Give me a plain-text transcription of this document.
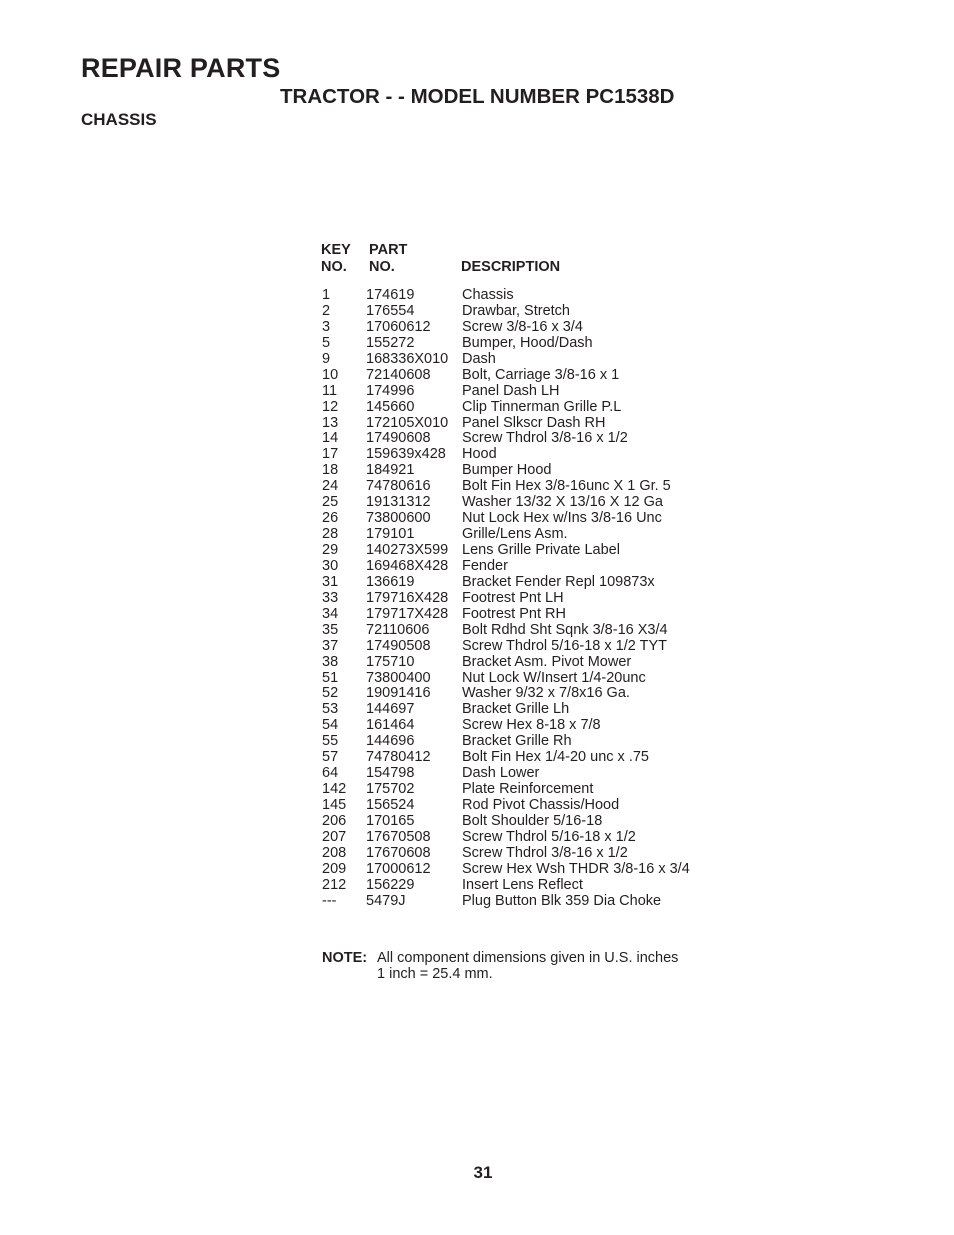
REPAIR PARTS
TRACTOR - - MODEL NUMBER PC1538D
CHASSIS
KEY
NO.
PART
NO.	DESCRIPTION
1 174619	Chassis
2 176554	Drawbar, Stretch
3 17060612 Screw 3/8-16 x 3/4
5 155272	Bumper, Hood/Dash
9 168336X010 Dash
10 72140608 Bolt, Carriage 3/8-16 x 1
11 174996	Panel Dash LH
12 145660	Clip Tinnerman Grille P.L
13 172105X010 Panel Slkscr Dash RH
14 17490608 Screw Thdrol 3/8-16 x 1/2
17 159639x428 Hood
18 184921	Bumper Hood
24 74780616 Bolt Fin Hex 3/8-16unc X 1 Gr. 5
25 19131312 Washer 13/32 X 13/16 X 12 Ga
26 73800600 Nut Lock Hex w/Ins 3/8-16 Unc
28 179101	Grille/Lens Asm.
29 140273X599 Lens Grille Private Label
30 169468X428 Fender
31 136619	Bracket Fender Repl 109873x
33 179716X428 Footrest Pnt LH
34 179717X428 Footrest Pnt RH
35 72110606 Bolt Rdhd Sht Sqnk 3/8-16 X3/4
37 17490508 Screw Thdrol 5/16-18 x 1/2 TYT
38 175710	Bracket Asm. Pivot Mower
51 73800400 Nut Lock W/Insert 1/4-20unc
52 19091416 Washer 9/32 x 7/8x16 Ga.
53 144697	Bracket Grille Lh
54 161464	Screw Hex 8-18 x 7/8
55 144696	Bracket Grille Rh
57 74780412 Bolt Fin Hex 1/4-20 unc x .75
64 154798	Dash Lower
142 175702	Plate Reinforcement
145 156524	Rod Pivot Chassis/Hood
206 170165	Bolt Shoulder 5/16-18
207 17670508 Screw Thdrol 5/16-18 x 1/2
208 17670608 Screw Thdrol 3/8-16 x 1/2
209 17000612 Screw Hex Wsh THDR 3/8-16 x 3/4
212 156229	Insert Lens Reflect
--- 5479J	Plug Button Blk 359 Dia Choke
NOTE: All component dimensions given in U.S. inches
1 inch = 25.4 mm.
31
